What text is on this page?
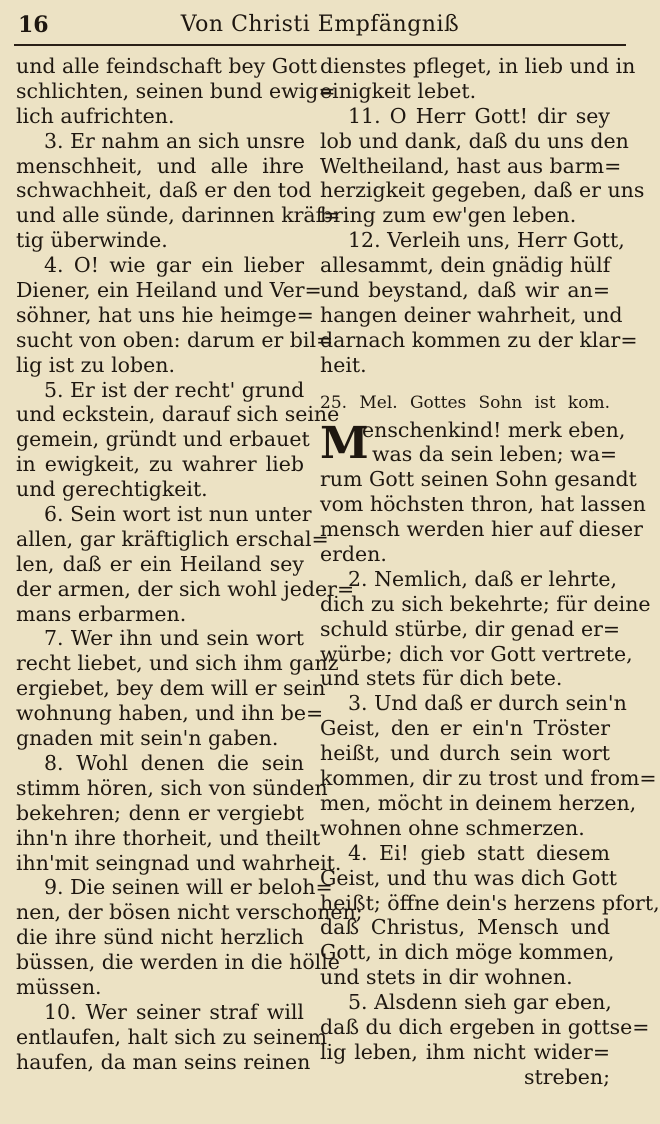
16	Von Christi Empfängniß
und alle feindschaft bey Gott
schlichten, seinen bund ewig=
lich aufrichten.
3. Er nahm an sich unsre
menschheit, und alle ihre
schwachheit, daß er den tod
und alle sünde, darinnen kräf=
tig überwinde.
4. O! wie gar ein lieber
Diener, ein Heiland und Ver=
söhner, hat uns hie heimge=
sucht von oben: darum er bil=
lig ist zu loben.
5. Er ist der recht' grund
und eckstein, darauf sich seine
gemein, gründt und erbauet
in ewigkeit, zu wahrer lieb
und gerechtigkeit.
6. Sein wort ist nun unter
allen, gar kräftiglich erschal=
len, daß er ein Heiland sey
der armen, der sich wohl jeder=
mans erbarmen.
7. Wer ihn und sein wort
recht liebet, und sich ihm ganz
ergiebet, bey dem will er sein
wohnung haben, und ihn be=
gnaden mit sein'n gaben.
8. Wohl denen die sein
stimm hören, sich von sünden
bekehren; denn er vergiebt
ihn'n ihre thorheit, und theilt
ihn'mit seingnad und wahrheit.
9. Die seinen will er beloh=
nen, der bösen nicht verschonen;
die ihre sünd nicht herzlich
büssen, die werden in die hölle
müssen.
10. Wer seiner straf will
entlaufen, halt sich zu seinem
haufen, da man seins reinen
dienstes pfleget, in lieb und in
einigkeit lebet.
11. O Herr Gott! dir sey
lob und dank, daß du uns den
Weltheiland, hast aus barm=
herzigkeit gegeben, daß er uns
bring zum ew'gen leben.
12. Verleih uns, Herr Gott,
allesammt, dein gnädig hülf
und beystand, daß wir an=
hangen deiner wahrheit, und
darnach kommen zu der klar=
heit.
25. Mel. Gottes Sohn ist kom.
M
enschenkind! merk eben,
was da sein leben; wa=
rum Gott seinen Sohn gesandt
vom höchsten thron, hat lassen
mensch werden hier auf dieser
erden.
2. Nemlich, daß er lehrte,
dich zu sich bekehrte; für deine
schuld stürbe, dir genad er=
würbe; dich vor Gott vertrete,
und stets für dich bete.
3. Und daß er durch sein'n
Geist, den er ein'n Tröster
heißt, und durch sein wort
kommen, dir zu trost und from=
men, möcht in deinem herzen,
wohnen ohne schmerzen.
4. Ei! gieb statt diesem
Geist, und thu was dich Gott
heißt; öffne dein's herzens pfort,
daß Christus, Mensch und
Gott, in dich möge kommen,
und stets in dir wohnen.
5. Alsdenn sieh gar eben,
daß du dich ergeben in gottse=
lig leben, ihm nicht wider=
streben;
